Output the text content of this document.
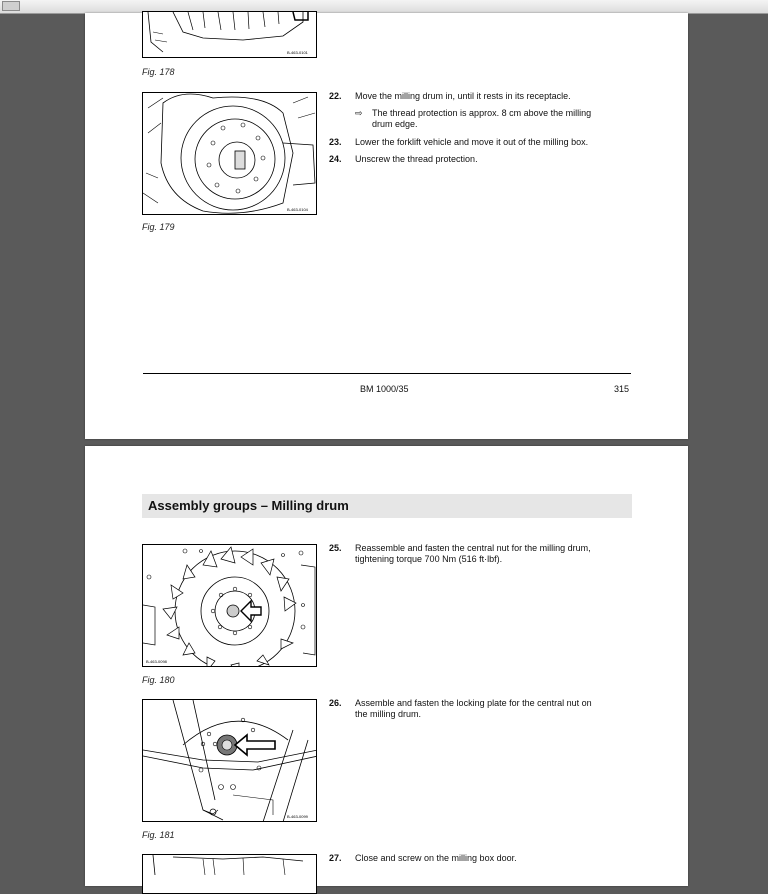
B-463-0101
Fig. 178
B-463-0104
Fig. 179
22. Move the milling drum in, until it rests in its receptacle.
⇨ The thread protection is approx. 8 cm above the milling
drum edge.
23. Lower the forklift vehicle and move it out of the milling box.
24. Unscrew the thread protection.
BM 1000/35	315
Assembly groups – Milling drum
B-463-0098
Fig. 180
B-463-0099
Fig. 181
25. Reassemble and fasten the central nut for the milling drum,
tightening torque 700 Nm (516 ft·lbf).
26. Assemble and fasten the locking plate for the central nut on
the milling drum.
27. Close and screw on the milling box door.
